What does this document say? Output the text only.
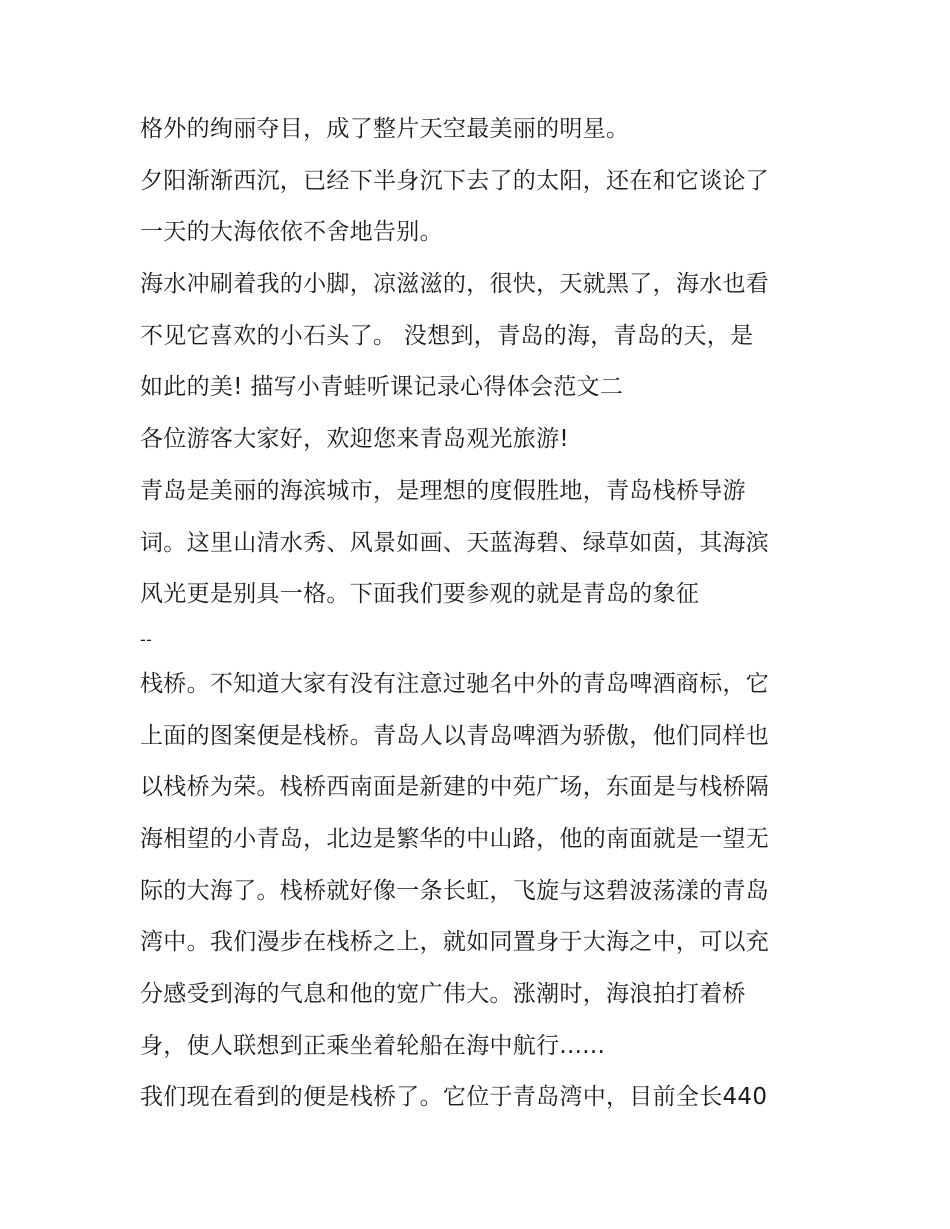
格外的绚丽夺目，成了整片天空最美丽的明星。
夕阳渐渐西沉，已经下半身沉下去了的太阳，还在和它谈论了
一天的大海依依不舍地告别。
海水冲刷着我的小脚，凉滋滋的，很快，天就黑了，海水也看
不见它喜欢的小石头了。 没想到，青岛的海，青岛的天，是
如此的美! 描写小青蛙听课记录心得体会范文二
各位游客大家好，欢迎您来青岛观光旅游!
青岛是美丽的海滨城市，是理想的度假胜地，青岛栈桥导游
词。这里山清水秀、风景如画、天蓝海碧、绿草如茵，其海滨
风光更是别具一格。下面我们要参观的就是青岛的象征
--
栈桥。不知道大家有没有注意过驰名中外的青岛啤酒商标，它
上面的图案便是栈桥。青岛人以青岛啤酒为骄傲，他们同样也
以栈桥为荣。栈桥西南面是新建的中苑广场，东面是与栈桥隔
海相望的小青岛，北边是繁华的中山路，他的南面就是一望无
际的大海了。栈桥就好像一条长虹，飞旋与这碧波荡漾的青岛
湾中。我们漫步在栈桥之上，就如同置身于大海之中，可以充
分感受到海的气息和他的宽广伟大。涨潮时，海浪拍打着桥
身，使人联想到正乘坐着轮船在海中航行......
我们现在看到的便是栈桥了。它位于青岛湾中，目前全长440
